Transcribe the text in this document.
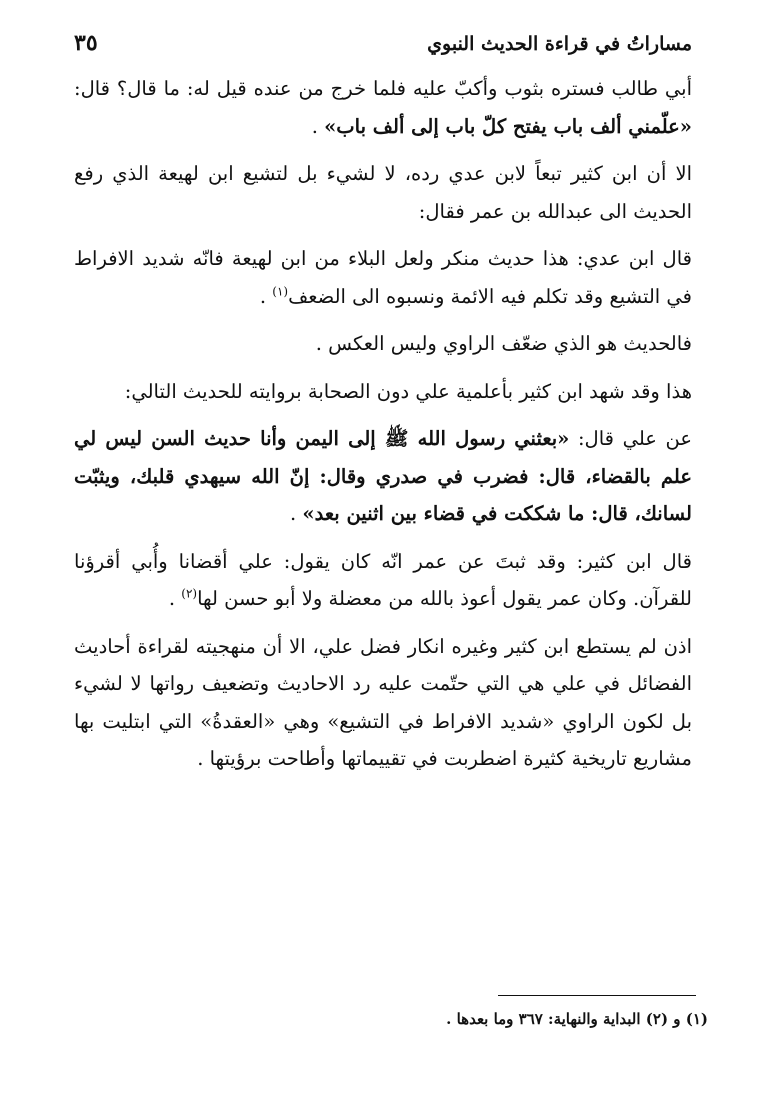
مساراتُ في قراءة الحديث النبوي
٣٥

أبي طالب فستره بثوب وأكبّ عليه فلما خرج من عنده قيل له: ما قال؟ قال: «علّمني ألف باب يفتح كلّ باب إلى ألف باب» .

الا أن ابن كثير تبعاً لابن عدي رده، لا لشيء بل لتشيع ابن لهيعة الذي رفع الحديث الى عبدالله بن عمر فقال:

قال ابن عدي: هذا حديث منكر ولعل البلاء من ابن لهيعة فانّه شديد الافراط في التشيع وقد تكلم فيه الائمة ونسبوه الى الضعف$^{(١)}$ .

فالحديث هو الذي ضعّف الراوي وليس العكس .

هذا وقد شهد ابن كثير بأعلمية علي دون الصحابة بروايته للحديث التالي:

عن علي قال: «بعثني رسول الله ﷺ إلى اليمن وأنا حديث السن ليس لي علم بالقضاء، قال: فضرب في صدري وقال: إنّ الله سيهدي قلبك، ويثبّت لسانك، قال: ما شككت في قضاء بين اثنين بعد» .

قال ابن كثير: وقد ثبتَ عن عمر انّه كان يقول: علي أقضانا وأُبي أقرؤنا للقرآن. وكان عمر يقول أعوذ بالله من معضلة ولا أبو حسن لها$^{(٢)}$ .

اذن لم يستطع ابن كثير وغيره انكار فضل علي، الا أن منهجيته لقراءة أحاديث الفضائل في علي هي التي حتّمت عليه رد الاحاديث وتضعيف رواتها لا لشيء بل لكون الراوي «شديد الافراط في التشيع» وهي «العقدةُ» التي ابتليت بها مشاريع تاريخية كثيرة اضطربت في تقييماتها وأطاحت برؤيتها .

(١) و (٢) البداية والنهاية: ٣٦٧ وما بعدها .
